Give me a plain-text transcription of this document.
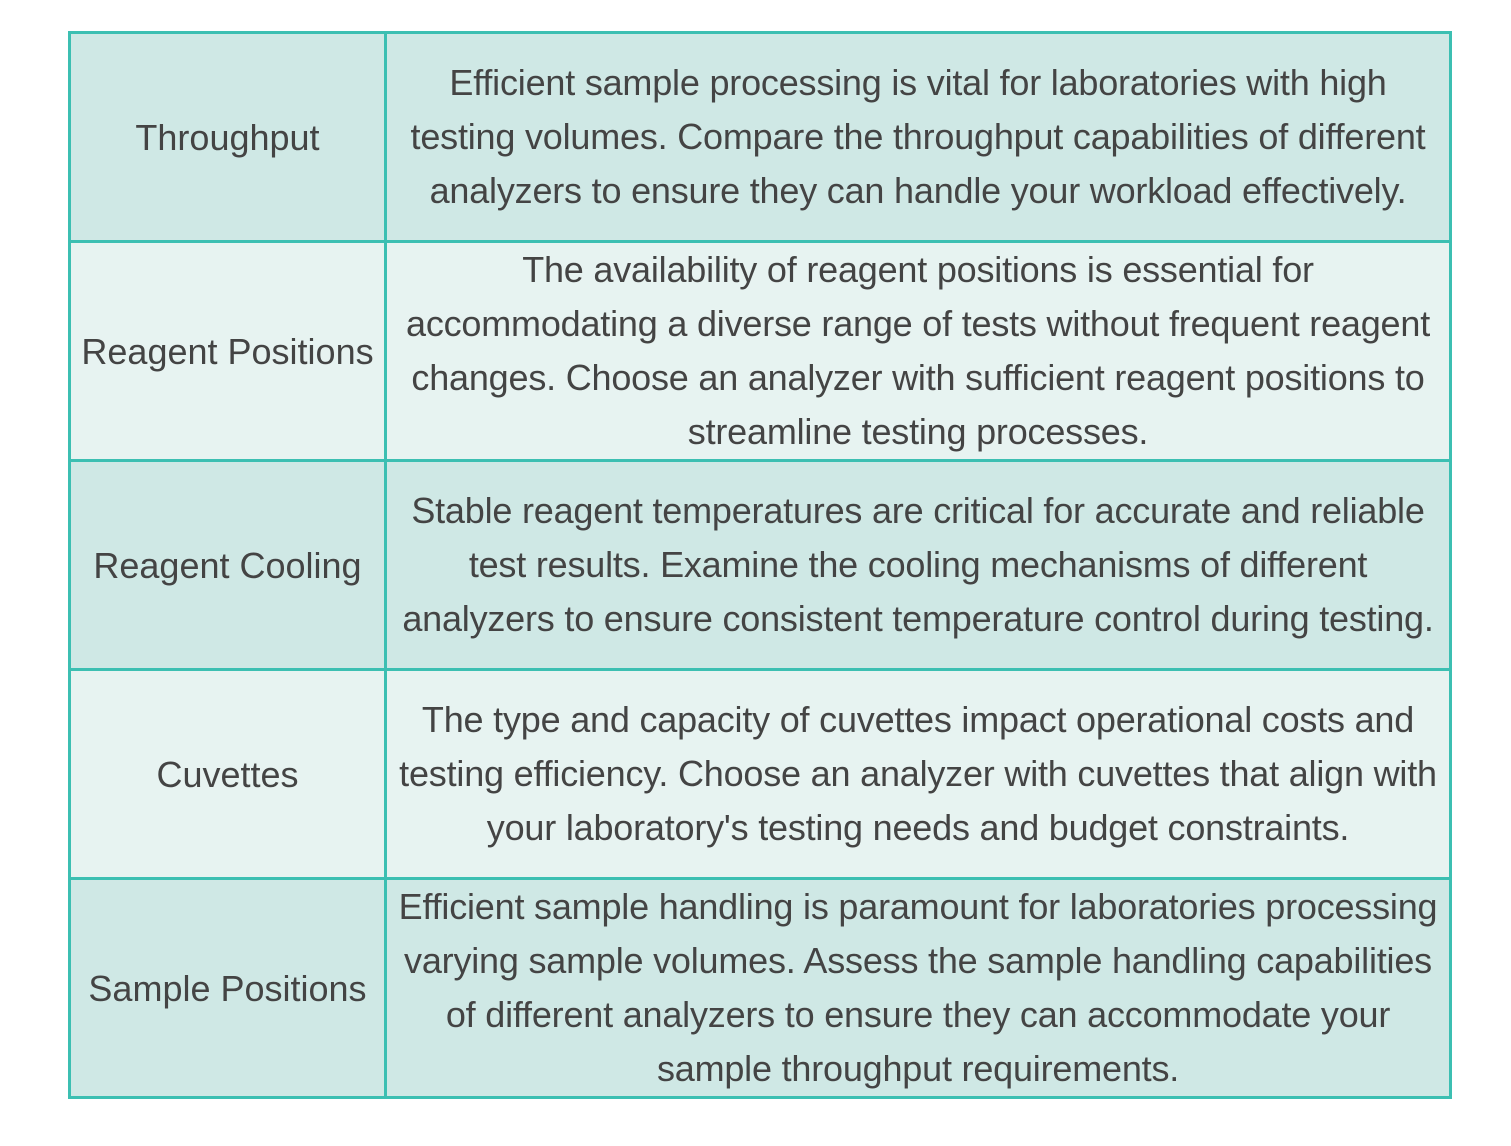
Throughput	Efficient sample processing is vital for laboratories with high testing volumes. Compare the throughput capabilities of different analyzers to ensure they can handle your workload effectively.
Reagent Positions	The availability of reagent positions is essential for accommodating a diverse range of tests without frequent reagent changes. Choose an analyzer with sufficient reagent positions to streamline testing processes.
Reagent Cooling	Stable reagent temperatures are critical for accurate and reliable test results. Examine the cooling mechanisms of different analyzers to ensure consistent temperature control during testing.
Cuvettes	The type and capacity of cuvettes impact operational costs and testing efficiency. Choose an analyzer with cuvettes that align with your laboratory's testing needs and budget constraints.
Sample Positions	Efficient sample handling is paramount for laboratories processing varying sample volumes. Assess the sample handling capabilities of different analyzers to ensure they can accommodate your sample throughput requirements.
